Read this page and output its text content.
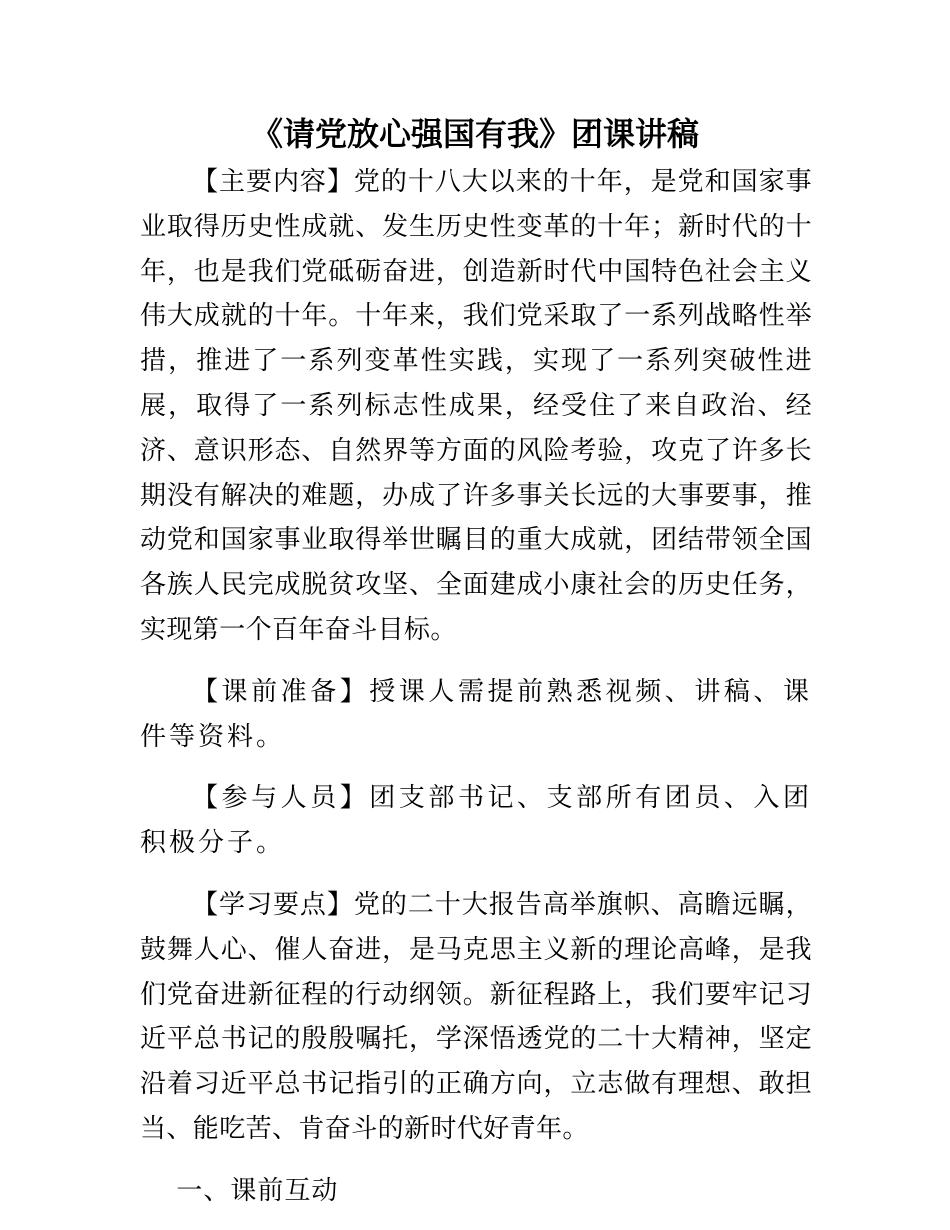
《请党放心强国有我》团课讲稿

【主要内容】党的十八大以来的十年，是党和国家事业取得历史性成就、发生历史性变革的十年；新时代的十年，也是我们党砥砺奋进，创造新时代中国特色社会主义伟大成就的十年。十年来，我们党采取了一系列战略性举措，推进了一系列变革性实践，实现了一系列突破性进展，取得了一系列标志性成果，经受住了来自政治、经济、意识形态、自然界等方面的风险考验，攻克了许多长期没有解决的难题，办成了许多事关长远的大事要事，推动党和国家事业取得举世瞩目的重大成就，团结带领全国各族人民完成脱贫攻坚、全面建成小康社会的历史任务，实现第一个百年奋斗目标。

【课前准备】授课人需提前熟悉视频、讲稿、课件等资料。

【参与人员】团支部书记、支部所有团员、入团积极分子。

【学习要点】党的二十大报告高举旗帜、高瞻远瞩，鼓舞人心、催人奋进，是马克思主义新的理论高峰，是我们党奋进新征程的行动纲领。新征程路上，我们要牢记习近平总书记的殷殷嘱托，学深悟透党的二十大精神，坚定沿着习近平总书记指引的正确方向，立志做有理想、敢担当、能吃苦、肯奋斗的新时代好青年。

一、课前互动
